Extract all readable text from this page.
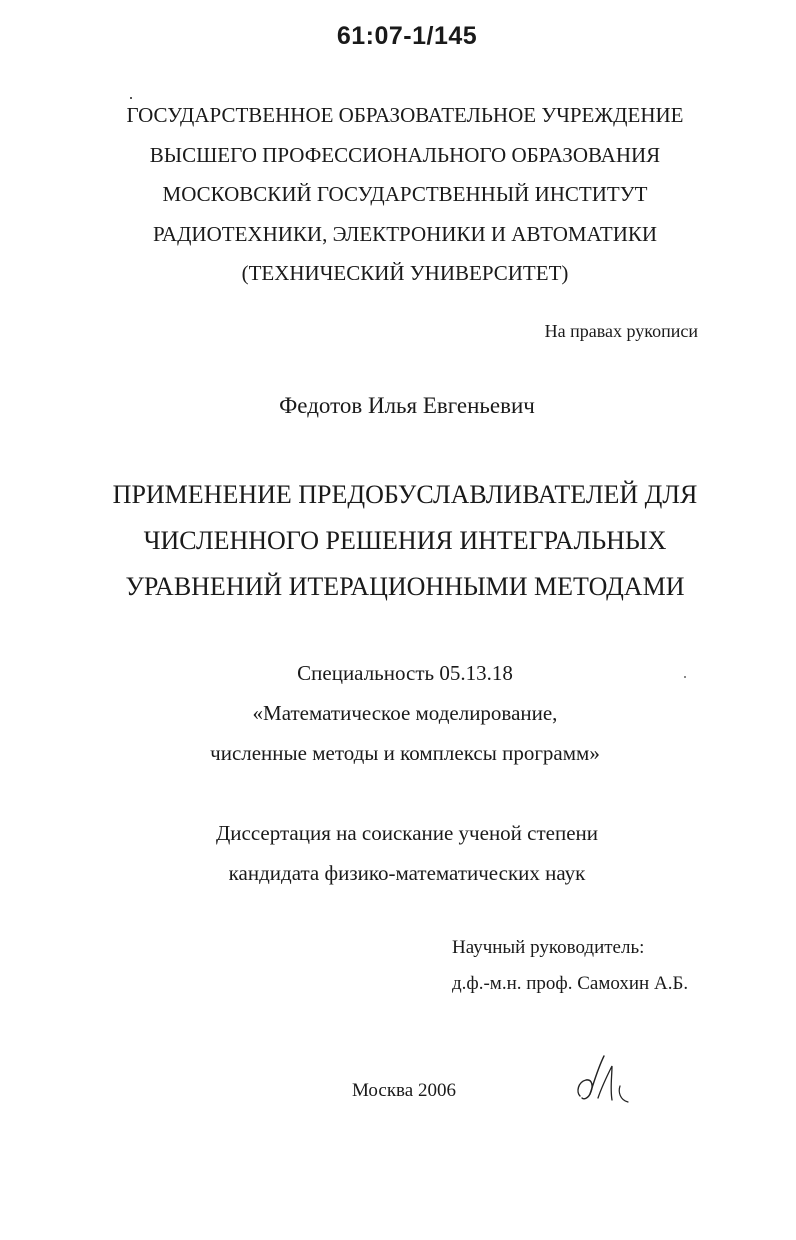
61:07-1/145
ГОСУДАРСТВЕННОЕ ОБРАЗОВАТЕЛЬНОЕ УЧРЕЖДЕНИЕ
ВЫСШЕГО ПРОФЕССИОНАЛЬНОГО ОБРАЗОВАНИЯ
МОСКОВСКИЙ ГОСУДАРСТВЕННЫЙ ИНСТИТУТ
РАДИОТЕХНИКИ, ЭЛЕКТРОНИКИ И АВТОМАТИКИ
(ТЕХНИЧЕСКИЙ УНИВЕРСИТЕТ)
На правах рукописи
Федотов Илья Евгеньевич
ПРИМЕНЕНИЕ ПРЕДОБУСЛАВЛИВАТЕЛЕЙ ДЛЯ
ЧИСЛЕННОГО РЕШЕНИЯ ИНТЕГРАЛЬНЫХ
УРАВНЕНИЙ ИТЕРАЦИОННЫМИ МЕТОДАМИ
Специальность 05.13.18
«Математическое моделирование,
численные методы и комплексы программ»
Диссертация на соискание ученой степени
кандидата физико-математических наук
Научный руководитель:
д.ф.-м.н. проф. Самохин А.Б.
Москва 2006
